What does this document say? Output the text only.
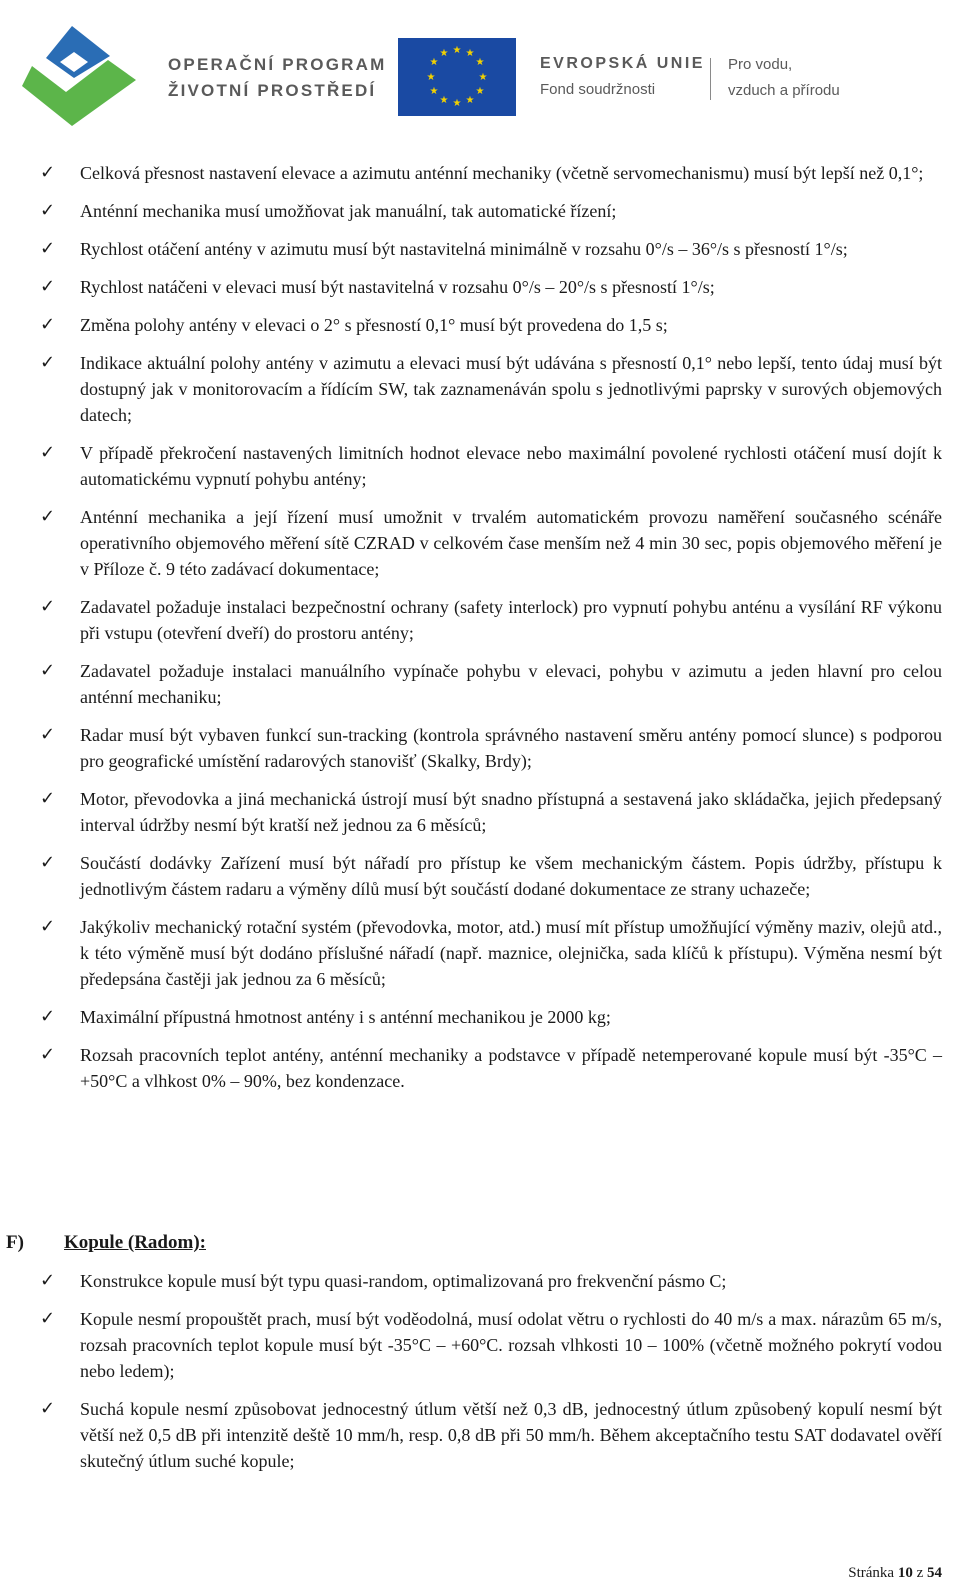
OPERAČNÍ PROGRAM
ŽIVOTNÍ PROSTŘEDÍ
★ ★
★
★
★
★
★
★
★
★
★
★
EVROPSKÁ UNIE
Fond soudržnosti
Pro vodu,
vzduch a přírodu
✓ Celková přesnost nastavení elevace a azimutu anténní mechaniky (včetně servomechanismu) musí být lepší než 0,1°;
✓ Anténní mechanika musí umožňovat jak manuální, tak automatické řízení;
✓ Rychlost otáčení antény v azimutu musí být nastavitelná minimálně v rozsahu 0°/s – 36°/s s přesností 1°/s;
✓ Rychlost natáčeni v elevaci musí být nastavitelná v rozsahu 0°/s – 20°/s s přesností 1°/s;
✓ Změna polohy antény v elevaci o 2° s přesností 0,1° musí být provedena do 1,5 s;
✓ Indikace aktuální polohy antény v azimutu a elevaci musí být udávána s přesností 0,1° nebo lepší, tento údaj musí být dostupný jak v monitorovacím a řídícím SW, tak zaznamenáván spolu s jednotlivými paprsky v surových objemových datech;
✓ V případě překročení nastavených limitních hodnot elevace nebo maximální povolené rychlosti otáčení musí dojít k automatickému vypnutí pohybu antény;
✓ Anténní mechanika a její řízení musí umožnit v trvalém automatickém provozu naměření současného scénáře operativního objemového měření sítě CZRAD v celkovém čase menším než 4 min 30 sec, popis objemového měření je v Příloze č. 9 této zadávací dokumentace;
✓ Zadavatel požaduje instalaci bezpečnostní ochrany (safety interlock) pro vypnutí pohybu anténu a vysílání RF výkonu při vstupu (otevření dveří) do prostoru antény;
✓ Zadavatel požaduje instalaci manuálního vypínače pohybu v elevaci, pohybu v azimutu a jeden hlavní pro celou anténní mechaniku;
✓ Radar musí být vybaven funkcí sun-tracking (kontrola správného nastavení směru antény pomocí slunce) s podporou pro geografické umístění radarových stanovišť (Skalky, Brdy);
✓ Motor, převodovka a jiná mechanická ústrojí musí být snadno přístupná a sestavená jako skládačka, jejich předepsaný interval údržby nesmí být kratší než jednou za 6 měsíců;
✓ Součástí dodávky Zařízení musí být nářadí pro přístup ke všem mechanickým částem. Popis údržby, přístupu k jednotlivým částem radaru a výměny dílů musí být součástí dodané dokumentace ze strany uchazeče;
✓ Jakýkoliv mechanický rotační systém (převodovka, motor, atd.) musí mít přístup umožňující výměny maziv, olejů atd., k této výměně musí být dodáno příslušné nářadí (např. maznice, olejnička, sada klíčů k přístupu). Výměna nesmí být předepsána častěji jak jednou za 6 měsíců;
✓ Maximální přípustná hmotnost antény i s anténní mechanikou je 2000 kg;
✓ Rozsah pracovních teplot antény, anténní mechaniky a podstavce v případě netemperované kopule musí být -35°C – +50°C a vlhkost 0% – 90%, bez kondenzace.
F) Kopule (Radom):
✓ Konstrukce kopule musí být typu quasi-random, optimalizovaná pro frekvenční pásmo C;
✓ Kopule nesmí propouštět prach, musí být voděodolná, musí odolat větru o rychlosti do 40 m/s a max. nárazům 65 m/s, rozsah pracovních teplot kopule musí být -35°C – +60°C. rozsah vlhkosti 10 – 100% (včetně možného pokrytí vodou nebo ledem);
✓ Suchá kopule nesmí způsobovat jednocestný útlum větší než 0,3 dB, jednocestný útlum způsobený kopulí nesmí být větší než 0,5 dB při intenzitě deště 10 mm/h, resp. 0,8 dB při 50 mm/h. Během akceptačního testu SAT dodavatel ověří skutečný útlum suché kopule;
Stránka 10 z 54
